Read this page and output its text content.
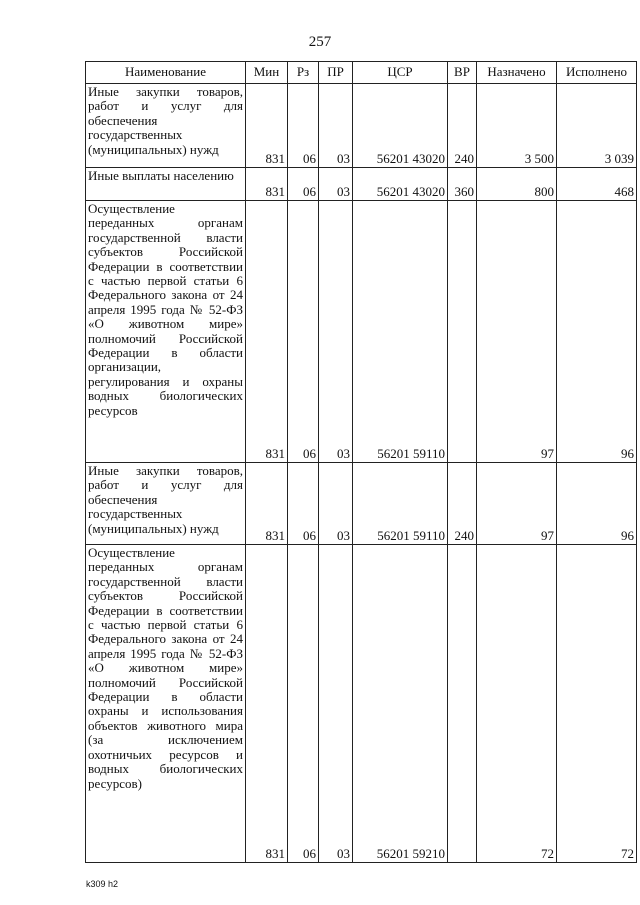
257
Наименование	Мин	Рз	ПР	ЦСР	ВР	Назначено	Исполнено
Иные закупки товаров, работ и услуг для обеспечения государственных (муниципальных) нужд	831	06	03	56201 43020	240	3 500	3 039
Иные выплаты населению	831	06	03	56201 43020	360	800	468
Осуществление переданных органам государственной власти субъектов Российской Федерации в соответствии с частью первой статьи 6 Федерального закона от 24 апреля 1995 года № 52-ФЗ «О животном мире» полномочий Российской Федерации в области организации, регулирования и охраны водных биологических ресурсов	831	06	03	56201 59110		97	96
Иные закупки товаров, работ и услуг для обеспечения государственных (муниципальных) нужд	831	06	03	56201 59110	240	97	96
Осуществление переданных органам государственной власти субъектов Российской Федерации в соответствии с частью первой статьи 6 Федерального закона от 24 апреля 1995 года № 52-ФЗ «О животном мире» полномочий Российской Федерации в области охраны и использования объектов животного мира (за исключением охотничьих ресурсов и водных биологических ресурсов)	831	06	03	56201 59210		72	72
k309 h2
